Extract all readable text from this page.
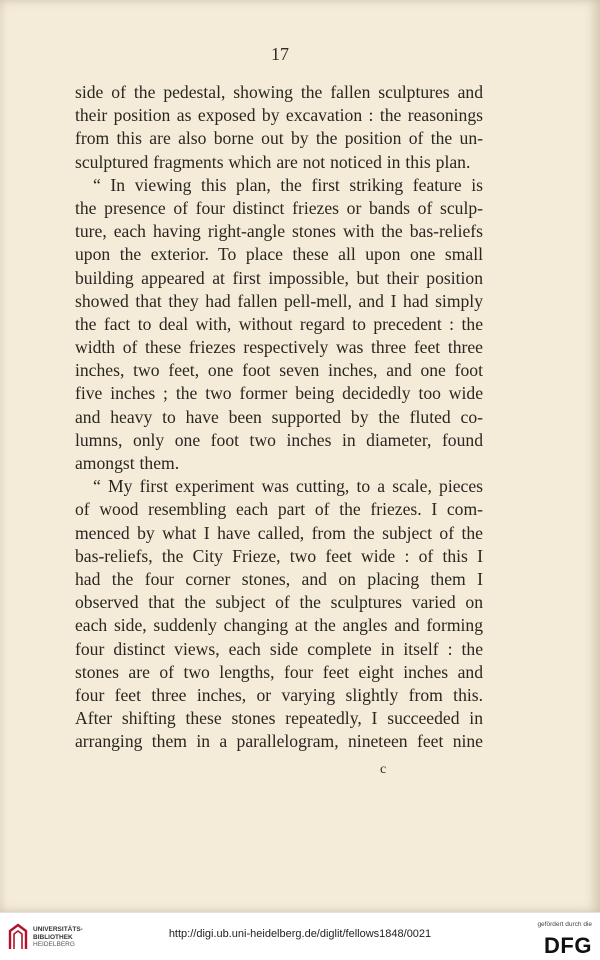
17
side of the pedestal, showing the fallen sculptures and
their position as exposed by excavation : the reasonings
from this are also borne out by the position of the un-
sculptured fragments which are not noticed in this plan.
“ In viewing this plan, the first striking feature is
the presence of four distinct friezes or bands of sculp-
ture, each having right-angle stones with the bas-reliefs
upon the exterior. To place these all upon one small
building appeared at first impossible, but their position
showed that they had fallen pell-mell, and I had simply
the fact to deal with, without regard to precedent : the
width of these friezes respectively was three feet three
inches, two feet, one foot seven inches, and one foot
five inches ; the two former being decidedly too wide
and heavy to have been supported by the fluted co-
lumns, only one foot two inches in diameter, found
amongst them.
“ My first experiment was cutting, to a scale, pieces
of wood resembling each part of the friezes. I com-
menced by what I have called, from the subject of the
bas-reliefs, the City Frieze, two feet wide : of this I
had the four corner stones, and on placing them I
observed that the subject of the sculptures varied on
each side, suddenly changing at the angles and forming
four distinct views, each side complete in itself : the
stones are of two lengths, four feet eight inches and
four feet three inches, or varying slightly from this.
After shifting these stones repeatedly, I succeeded in
arranging them in a parallelogram, nineteen feet nine
c
UNIVERSITÄTS-
BIBLIOTHEK
HEIDELBERG
http://digi.ub.uni-heidelberg.de/diglit/fellows1848/0021
gefördert durch die
DFG
